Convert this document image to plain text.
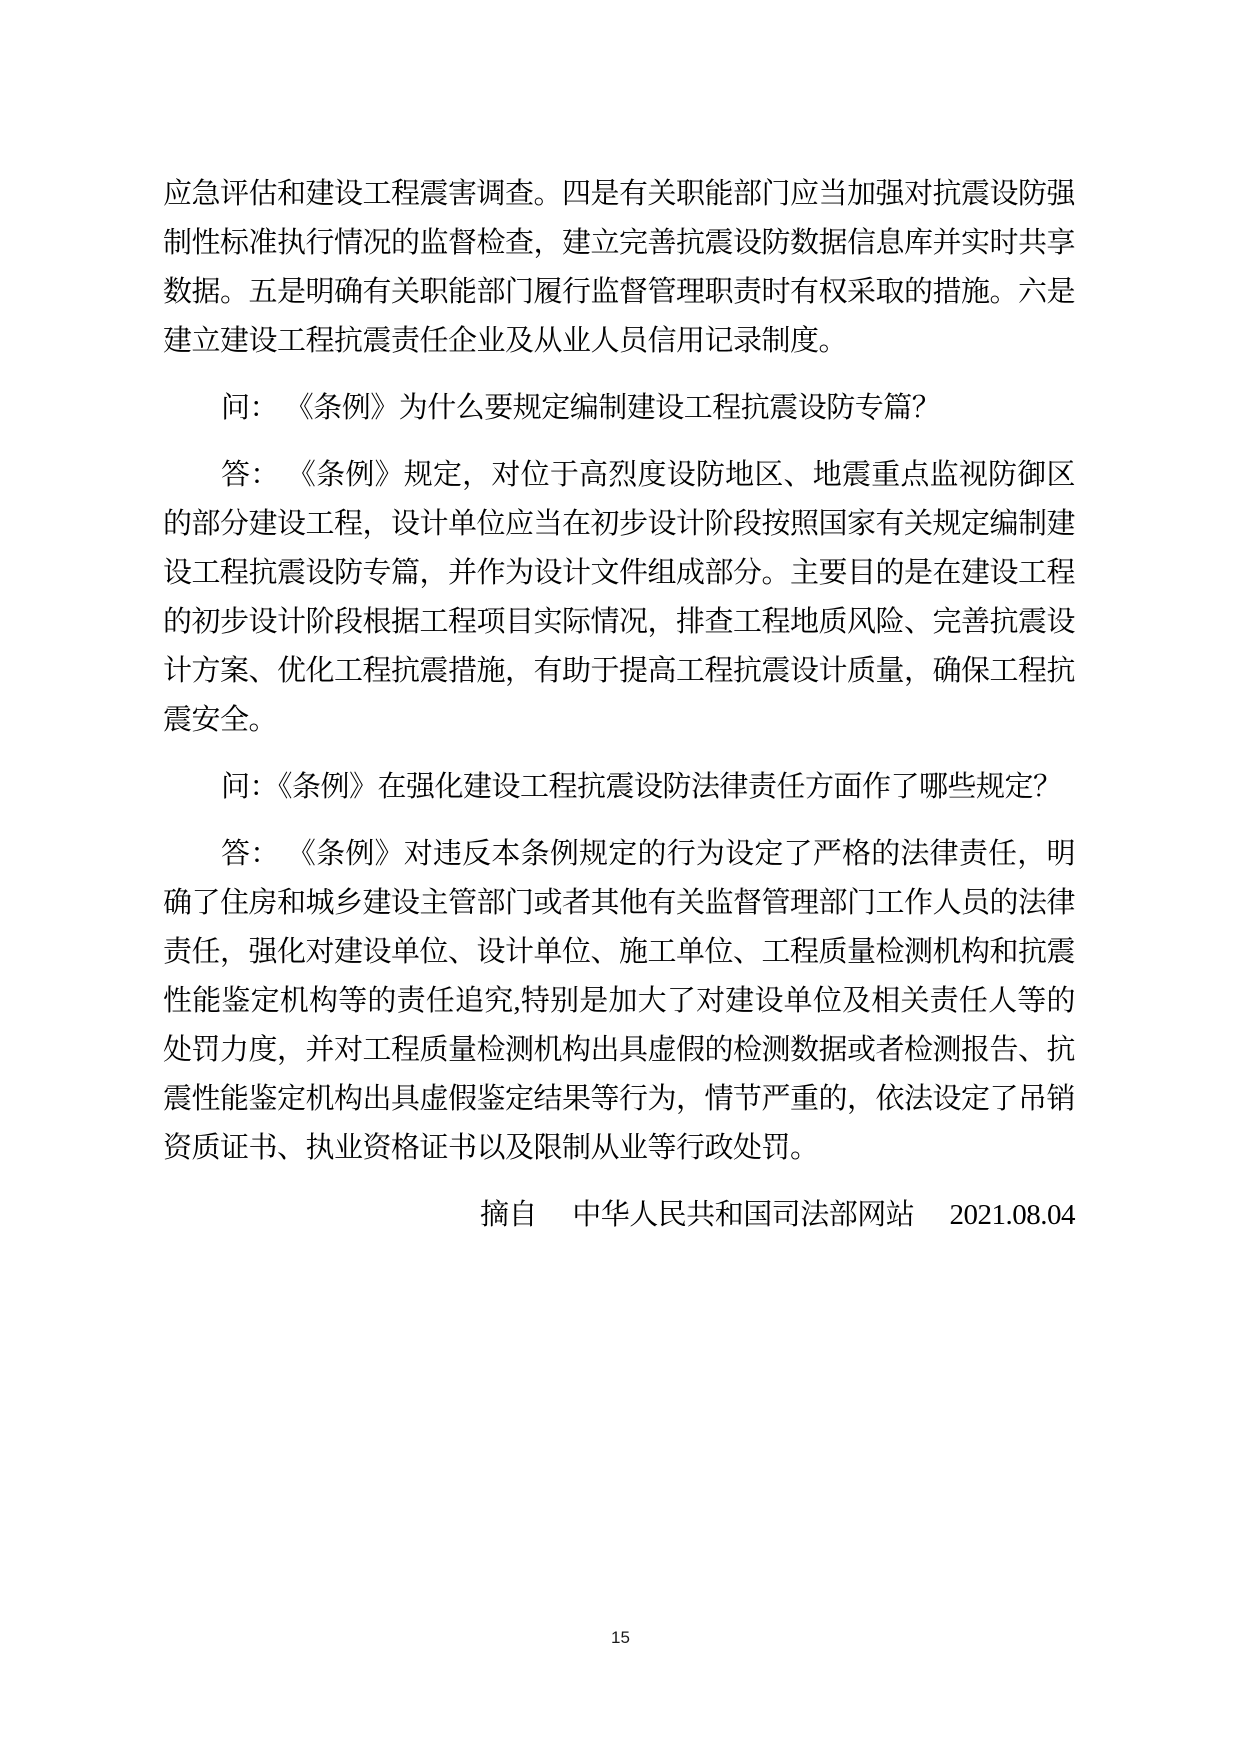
应急评估和建设工程震害调查。四是有关职能部门应当加强对抗震设防强制性标准执行情况的监督检查，建立完善抗震设防数据信息库并实时共享数据。五是明确有关职能部门履行监督管理职责时有权采取的措施。六是建立建设工程抗震责任企业及从业人员信用记录制度。

问： 《条例》为什么要规定编制建设工程抗震设防专篇？

答： 《条例》规定，对位于高烈度设防地区、地震重点监视防御区的部分建设工程，设计单位应当在初步设计阶段按照国家有关规定编制建设工程抗震设防专篇，并作为设计文件组成部分。主要目的是在建设工程的初步设计阶段根据工程项目实际情况，排查工程地质风险、完善抗震设计方案、优化工程抗震措施，有助于提高工程抗震设计质量，确保工程抗震安全。

问：《条例》在强化建设工程抗震设防法律责任方面作了哪些规定？

答： 《条例》对违反本条例规定的行为设定了严格的法律责任，明确了住房和城乡建设主管部门或者其他有关监督管理部门工作人员的法律责任，强化对建设单位、设计单位、施工单位、工程质量检测机构和抗震性能鉴定机构等的责任追究,特别是加大了对建设单位及相关责任人等的处罚力度，并对工程质量检测机构出具虚假的检测数据或者检测报告、抗震性能鉴定机构出具虚假鉴定结果等行为，情节严重的，依法设定了吊销资质证书、执业资格证书以及限制从业等行政处罚。

摘自　 中华人民共和国司法部网站　 2021.08.04
15
